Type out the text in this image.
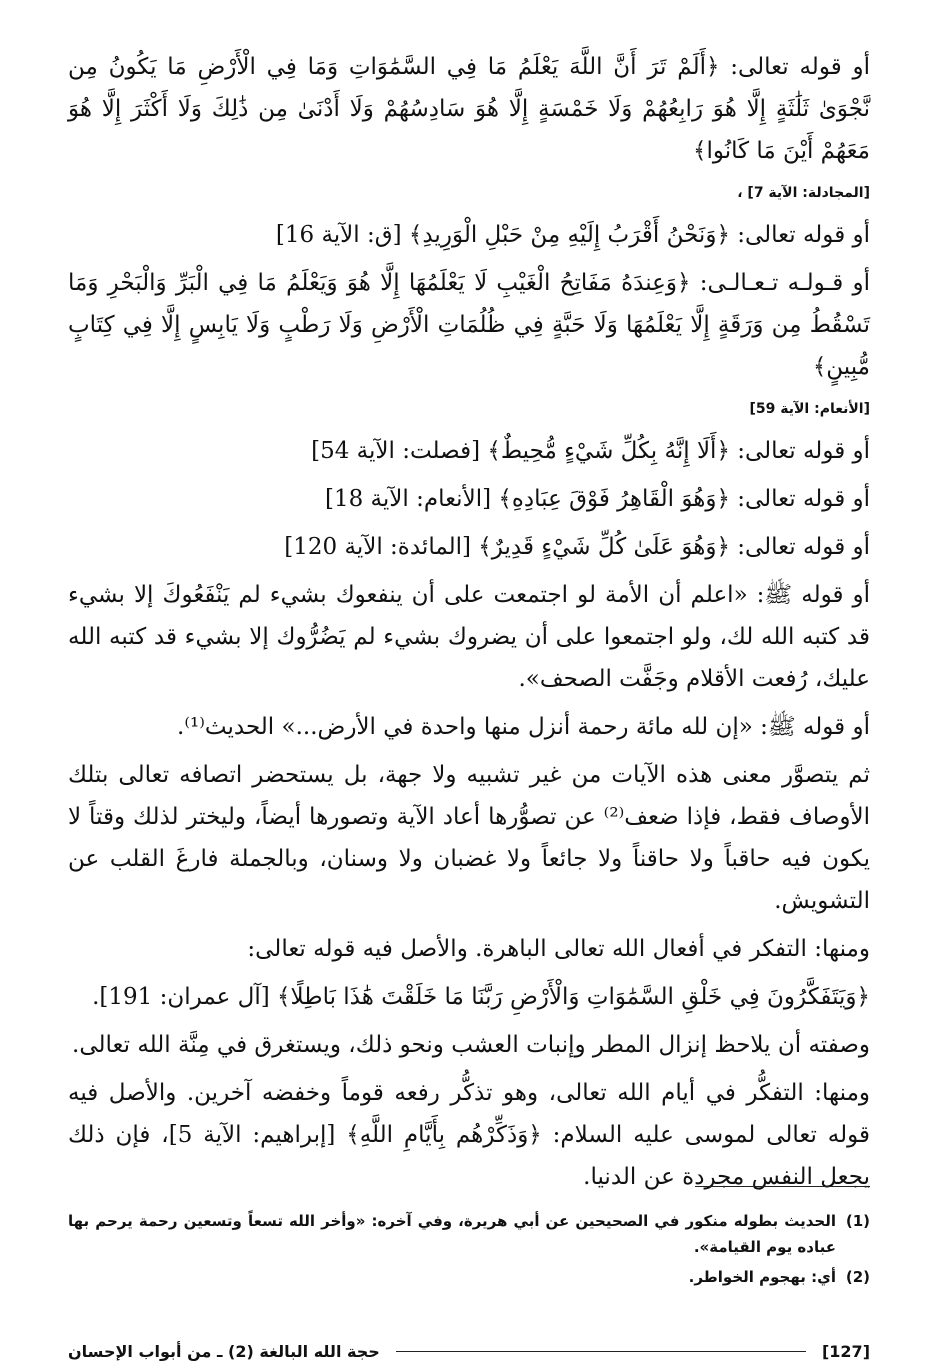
أو قوله تعالى: ﴿أَلَمْ تَرَ أَنَّ اللَّهَ يَعْلَمُ مَا فِي السَّمَٰوَاتِ وَمَا فِي الْأَرْضِ مَا يَكُونُ مِن نَّجْوَىٰ ثَلَٰثَةٍ إِلَّا هُوَ رَابِعُهُمْ وَلَا خَمْسَةٍ إِلَّا هُوَ سَادِسُهُمْ وَلَا أَدْنَىٰ مِن ذَٰلِكَ وَلَا أَكْثَرَ إِلَّا هُوَ مَعَهُمْ أَيْنَ مَا كَانُوا﴾

[المجادلة: الآية 7] ،

أو قوله تعالى: ﴿وَنَحْنُ أَقْرَبُ إِلَيْهِ مِنْ حَبْلِ الْوَرِيدِ﴾ [ق: الآية 16]

أو قـولـه تـعـالـى: ﴿وَعِندَهُ مَفَاتِحُ الْغَيْبِ لَا يَعْلَمُهَا إِلَّا هُوَ وَيَعْلَمُ مَا فِي الْبَرِّ وَالْبَحْرِ وَمَا تَسْقُطُ مِن وَرَقَةٍ إِلَّا يَعْلَمُهَا وَلَا حَبَّةٍ فِي ظُلُمَاتِ الْأَرْضِ وَلَا رَطْبٍ وَلَا يَابِسٍ إِلَّا فِي كِتَابٍ مُّبِينٍ﴾

[الأنعام: الآية 59]

أو قوله تعالى: ﴿أَلَا إِنَّهُ بِكُلِّ شَيْءٍ مُّحِيطٌ﴾ [فصلت: الآية 54]

أو قوله تعالى: ﴿وَهُوَ الْقَاهِرُ فَوْقَ عِبَادِهِ﴾ [الأنعام: الآية 18]

أو قوله تعالى: ﴿وَهُوَ عَلَىٰ كُلِّ شَيْءٍ قَدِيرٌ﴾ [المائدة: الآية 120]

أو قوله ﷺ: «اعلم أن الأمة لو اجتمعت على أن ينفعوك بشيء لم يَنْفَعُوكَ إلا بشيء قد كتبه الله لك، ولو اجتمعوا على أن يضروك بشيء لم يَضُرُّوك إلا بشيء قد كتبه الله عليك، رُفعت الأقلام وجَفَّت الصحف».

أو قوله ﷺ: «إن لله مائة رحمة أنزل منها واحدة في الأرض...» الحديث⁽¹⁾.

ثم يتصوَّر معنى هذه الآيات من غير تشبيه ولا جهة، بل يستحضر اتصافه تعالى بتلك الأوصاف فقط، فإذا ضعف⁽²⁾ عن تصوُّرها أعاد الآية وتصورها أيضاً، وليختر لذلك وقتاً لا يكون فيه حاقباً ولا حاقناً ولا جائعاً ولا غضبان ولا وسنان، وبالجملة فارغَ القلب عن التشويش.

ومنها: التفكر في أفعال الله تعالى الباهرة. والأصل فيه قوله تعالى:

﴿وَيَتَفَكَّرُونَ فِي خَلْقِ السَّمَٰوَاتِ وَالْأَرْضِ رَبَّنَا مَا خَلَقْتَ هَٰذَا بَاطِلًا﴾ [آل عمران: 191].

وصفته أن يلاحظ إنزال المطر وإنبات العشب ونحو ذلك، ويستغرق في مِنَّة الله تعالى.

ومنها: التفكُّر في أيام الله تعالى، وهو تذكُّر رفعه قوماً وخفضه آخرين. والأصل فيه قوله تعالى لموسى عليه السلام: ﴿وَذَكِّرْهُم بِأَيَّامِ اللَّهِ﴾ [إبراهيم: الآية 5]، فإن ذلك يجعل النفس مجردة عن الدنيا.

(1)
الحديث بطوله منكور في الصحيحين عن أبي هريرة، وفي آخره: «وأخر الله تسعاً وتسعين رحمة يرحم بها عباده يوم القيامة».
(2)
أي: بهجوم الخواطر.
[127]
حجة الله البالغة (2) ـ من أبواب الإحسان
